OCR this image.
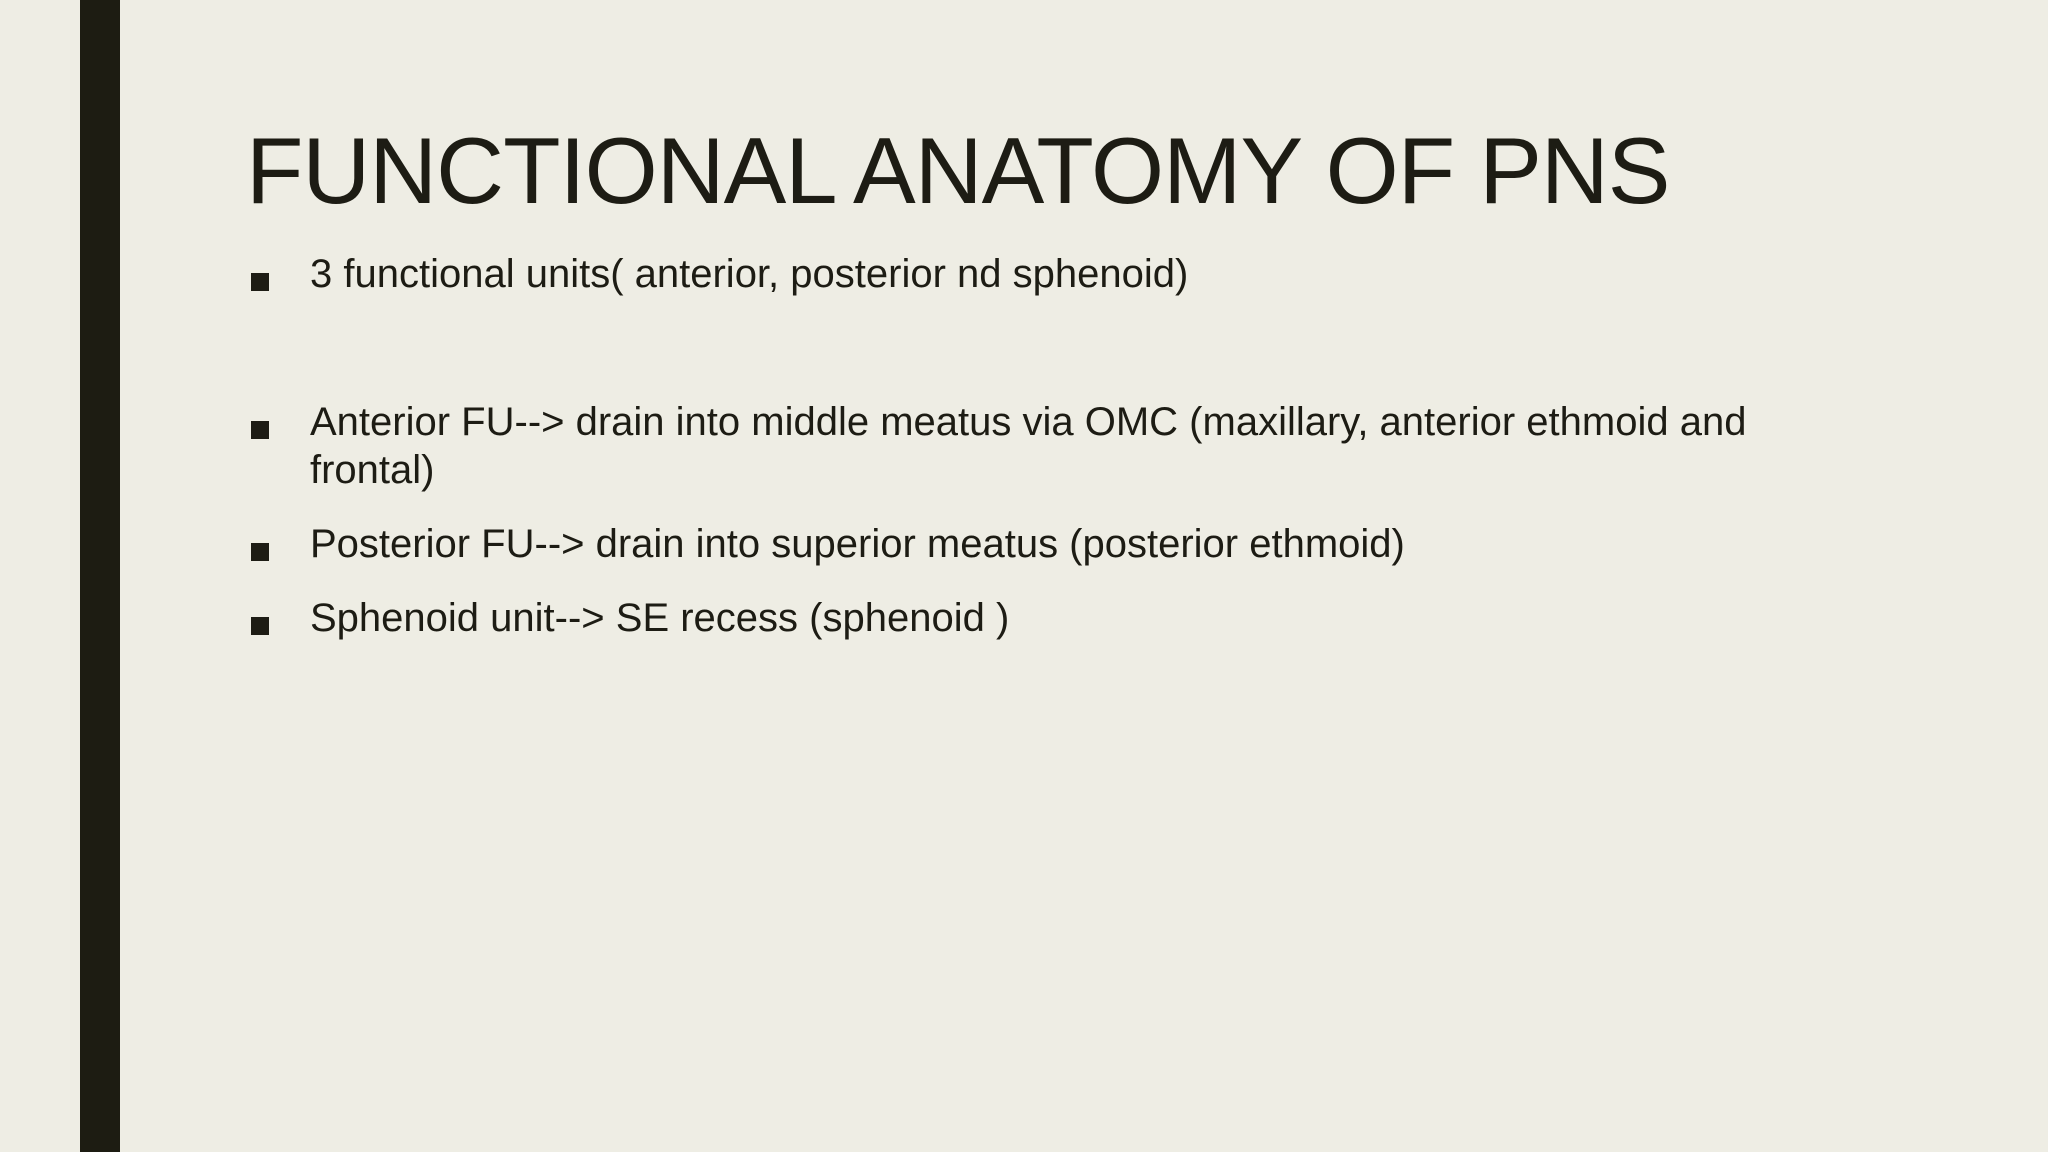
FUNCTIONAL ANATOMY OF PNS
3 functional units( anterior, posterior nd sphenoid)
Anterior FU--> drain into middle meatus via OMC (maxillary, anterior ethmoid and frontal)
Posterior FU--> drain into superior meatus (posterior ethmoid)
Sphenoid unit--> SE recess (sphenoid )
